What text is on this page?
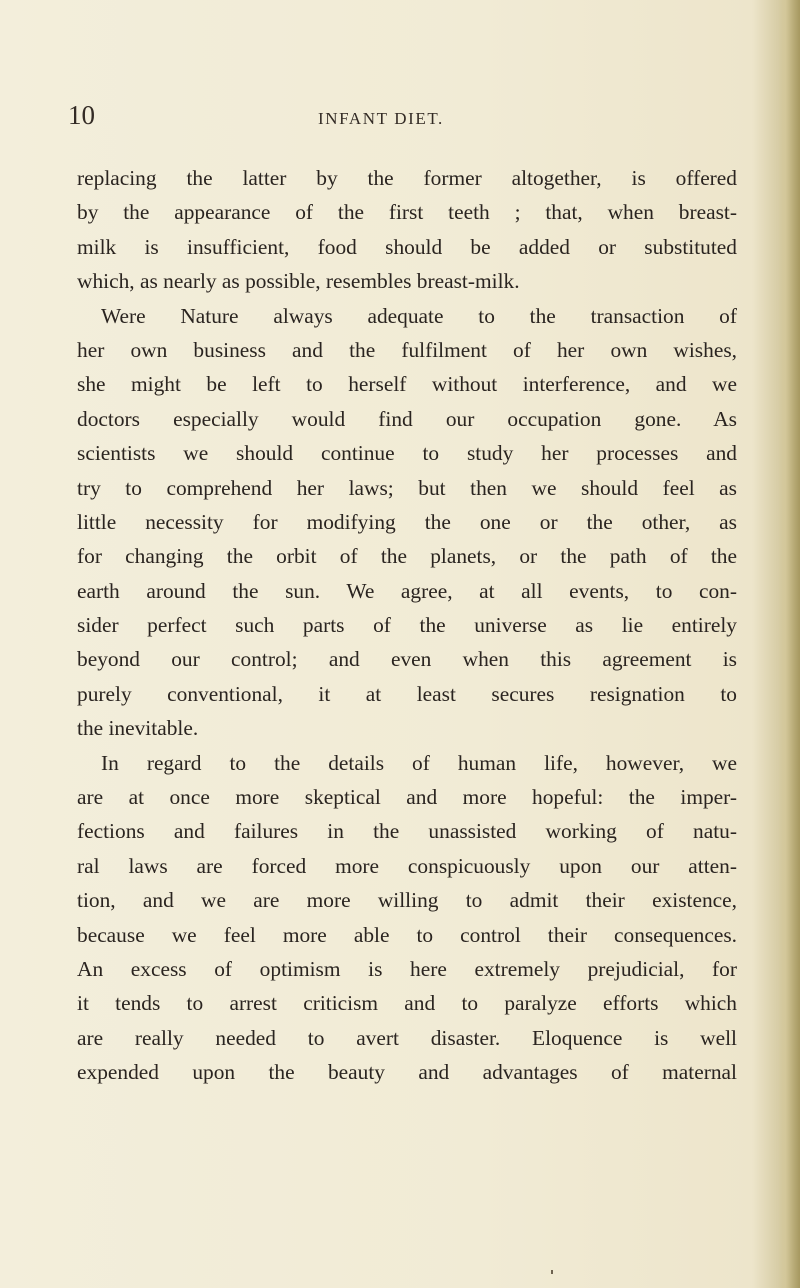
10	INFANT DIET.
replacing the latter by the former altogether, is offered
by the appearance of the first teeth ; that, when breast-
milk is insufficient, food should be added or substituted
which, as nearly as possible, resembles breast-milk.
Were Nature always adequate to the transaction of
her own business and the fulfilment of her own wishes,
she might be left to herself without interference, and we
doctors especially would find our occupation gone. As
scientists we should continue to study her processes and
try to comprehend her laws; but then we should feel as
little necessity for modifying the one or the other, as
for changing the orbit of the planets, or the path of the
earth around the sun. We agree, at all events, to con-
sider perfect such parts of the universe as lie entirely
beyond our control; and even when this agreement is
purely conventional, it at least secures resignation to
the inevitable.
In regard to the details of human life, however, we
are at once more skeptical and more hopeful: the imper-
fections and failures in the unassisted working of natu-
ral laws are forced more conspicuously upon our atten-
tion, and we are more willing to admit their existence,
because we feel more able to control their consequences.
An excess of optimism is here extremely prejudicial, for
it tends to arrest criticism and to paralyze efforts which
are really needed to avert disaster. Eloquence is well
expended upon the beauty and advantages of maternal
